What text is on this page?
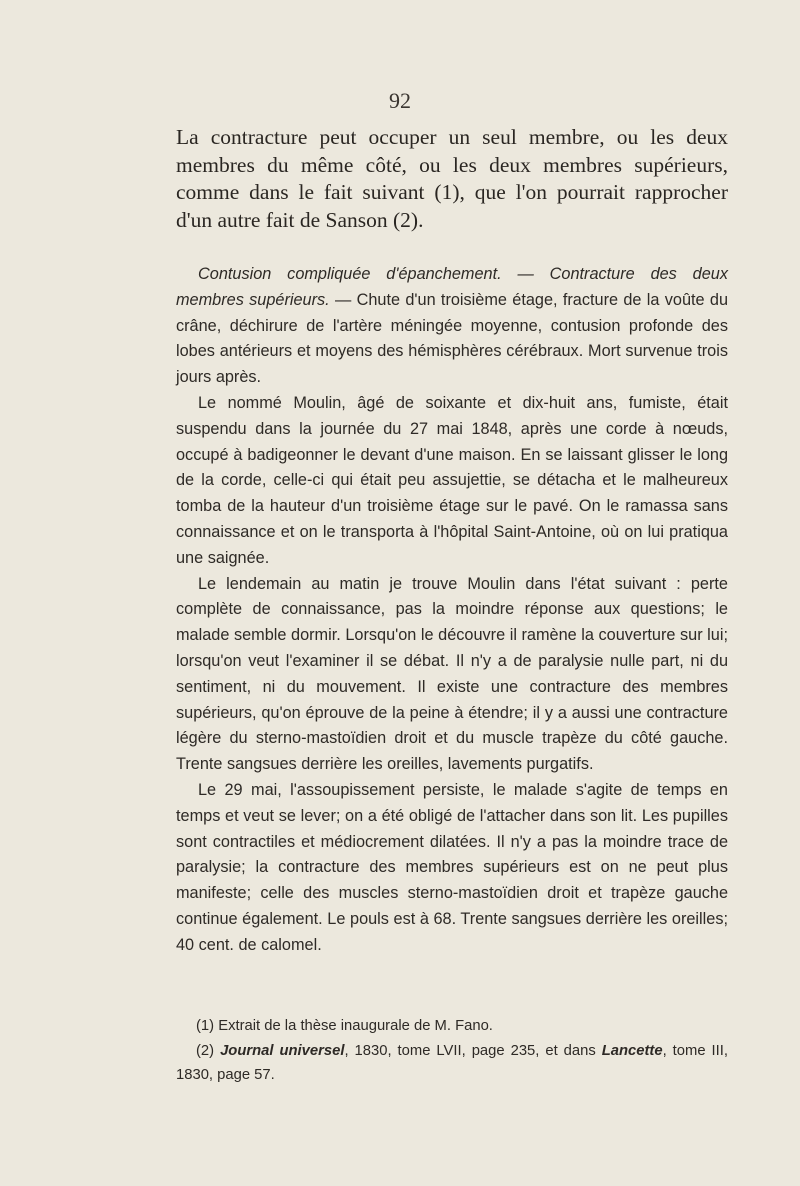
92

La contracture peut occuper un seul membre, ou les deux membres du même côté, ou les deux membres supérieurs, comme dans le fait suivant (1), que l'on pourrait rapprocher d'un autre fait de Sanson (2).

Contusion compliquée d'épanchement. — Contracture des deux membres supérieurs. — Chute d'un troisième étage, fracture de la voûte du crâne, déchirure de l'artère méningée moyenne, contusion profonde des lobes antérieurs et moyens des hémisphères cérébraux. Mort survenue trois jours après.

Le nommé Moulin, âgé de soixante et dix-huit ans, fumiste, était suspendu dans la journée du 27 mai 1848, après une corde à nœuds, occupé à badigeonner le devant d'une maison. En se laissant glisser le long de la corde, celle-ci qui était peu assujettie, se détacha et le malheureux tomba de la hauteur d'un troisième étage sur le pavé. On le ramassa sans connaissance et on le transporta à l'hôpital Saint-Antoine, où on lui pratiqua une saignée.

Le lendemain au matin je trouve Moulin dans l'état suivant : perte complète de connaissance, pas la moindre réponse aux questions; le malade semble dormir. Lorsqu'on le découvre il ramène la couverture sur lui; lorsqu'on veut l'examiner il se débat. Il n'y a de paralysie nulle part, ni du sentiment, ni du mouvement. Il existe une contracture des membres supérieurs, qu'on éprouve de la peine à étendre; il y a aussi une contracture légère du sterno-mastoïdien droit et du muscle trapèze du côté gauche. Trente sangsues derrière les oreilles, lavements purgatifs.

Le 29 mai, l'assoupissement persiste, le malade s'agite de temps en temps et veut se lever; on a été obligé de l'attacher dans son lit. Les pupilles sont contractiles et médiocrement dilatées. Il n'y a pas la moindre trace de paralysie; la contracture des membres supérieurs est on ne peut plus manifeste; celle des muscles sterno-mastoïdien droit et trapèze gauche continue également. Le pouls est à 68. Trente sangsues derrière les oreilles; 40 cent. de calomel.

(1) Extrait de la thèse inaugurale de M. Fano.

(2) Journal universel, 1830, tome LVII, page 235, et dans Lancette, tome III, 1830, page 57.
